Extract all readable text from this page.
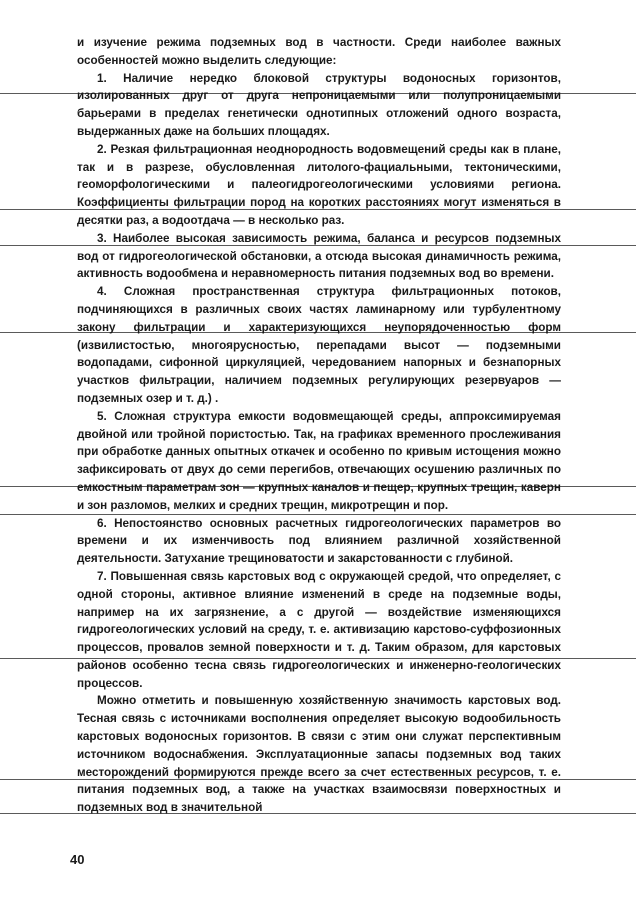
и изучение режима подземных вод в частности. Среди наиболее важных особенностей можно выделить следующие:

1. Наличие нередко блоковой структуры водоносных горизонтов, изолированных друг от друга непроницаемыми или полупроницаемыми барьерами в пределах генетически однотипных отложений одного возраста, выдержанных даже на больших площадях.

2. Резкая фильтрационная неоднородность водовмещений среды как в плане, так и в разрезе, обусловленная литолого-фациальными, тектоническими, геоморфологическими и палеогидрогеологическими условиями региона. Коэффициенты фильтрации пород на коротких расстояниях могут изменяться в десятки раз, а водоотдача — в несколько раз.

3. Наиболее высокая зависимость режима, баланса и ресурсов подземных вод от гидрогеологической обстановки, а отсюда высокая динамичность режима, активность водообмена и неравномерность питания подземных вод во времени.

4. Сложная пространственная структура фильтрационных потоков, подчиняющихся в различных своих частях ламинарному или турбулентному закону фильтрации и характеризующихся неупорядоченностью форм (извилистостью, многоярусностью, перепадами высот — подземными водопадами, сифонной циркуляцией, чередованием напорных и безнапорных участков фильтрации, наличием подземных регулирующих резервуаров — подземных озер и т. д.) .

5. Сложная структура емкости водовмещающей среды, аппроксимируемая двойной или тройной пористостью. Так, на графиках временного прослеживания при обработке данных опытных откачек и особенно по кривым истощения можно зафиксировать от двух до семи перегибов, отвечающих осушению различных по емкостным параметрам зон — крупных каналов и пещер, крупных трещин, каверн и зон разломов, мелких и средних трещин, микротрещин и пор.

6. Непостоянство основных расчетных гидрогеологических параметров во времени и их изменчивость под влиянием различной хозяйственной деятельности. Затухание трещиноватости и закарстованности с глубиной.

7. Повышенная связь карстовых вод с окружающей средой, что определяет, с одной стороны, активное влияние изменений в среде на подземные воды, например на их загрязнение, а с другой — воздействие изменяющихся гидрогеологических условий на среду, т. е. активизацию карстово-суффозионных процессов, провалов земной поверхности и т. д. Таким образом, для карстовых районов особенно тесна связь гидрогеологических и инженерно-геологических процессов.

Можно отметить и повышенную хозяйственную значимость карстовых вод. Тесная связь с источниками восполнения определяет высокую водообильность карстовых водоносных горизонтов. В связи с этим они служат перспективным источником водоснабжения. Эксплуатационные запасы подземных вод таких месторождений формируются прежде всего за счет естественных ресурсов, т. е. питания подземных вод, а также на участках взаимосвязи поверхностных и подземных вод в значительной

40
